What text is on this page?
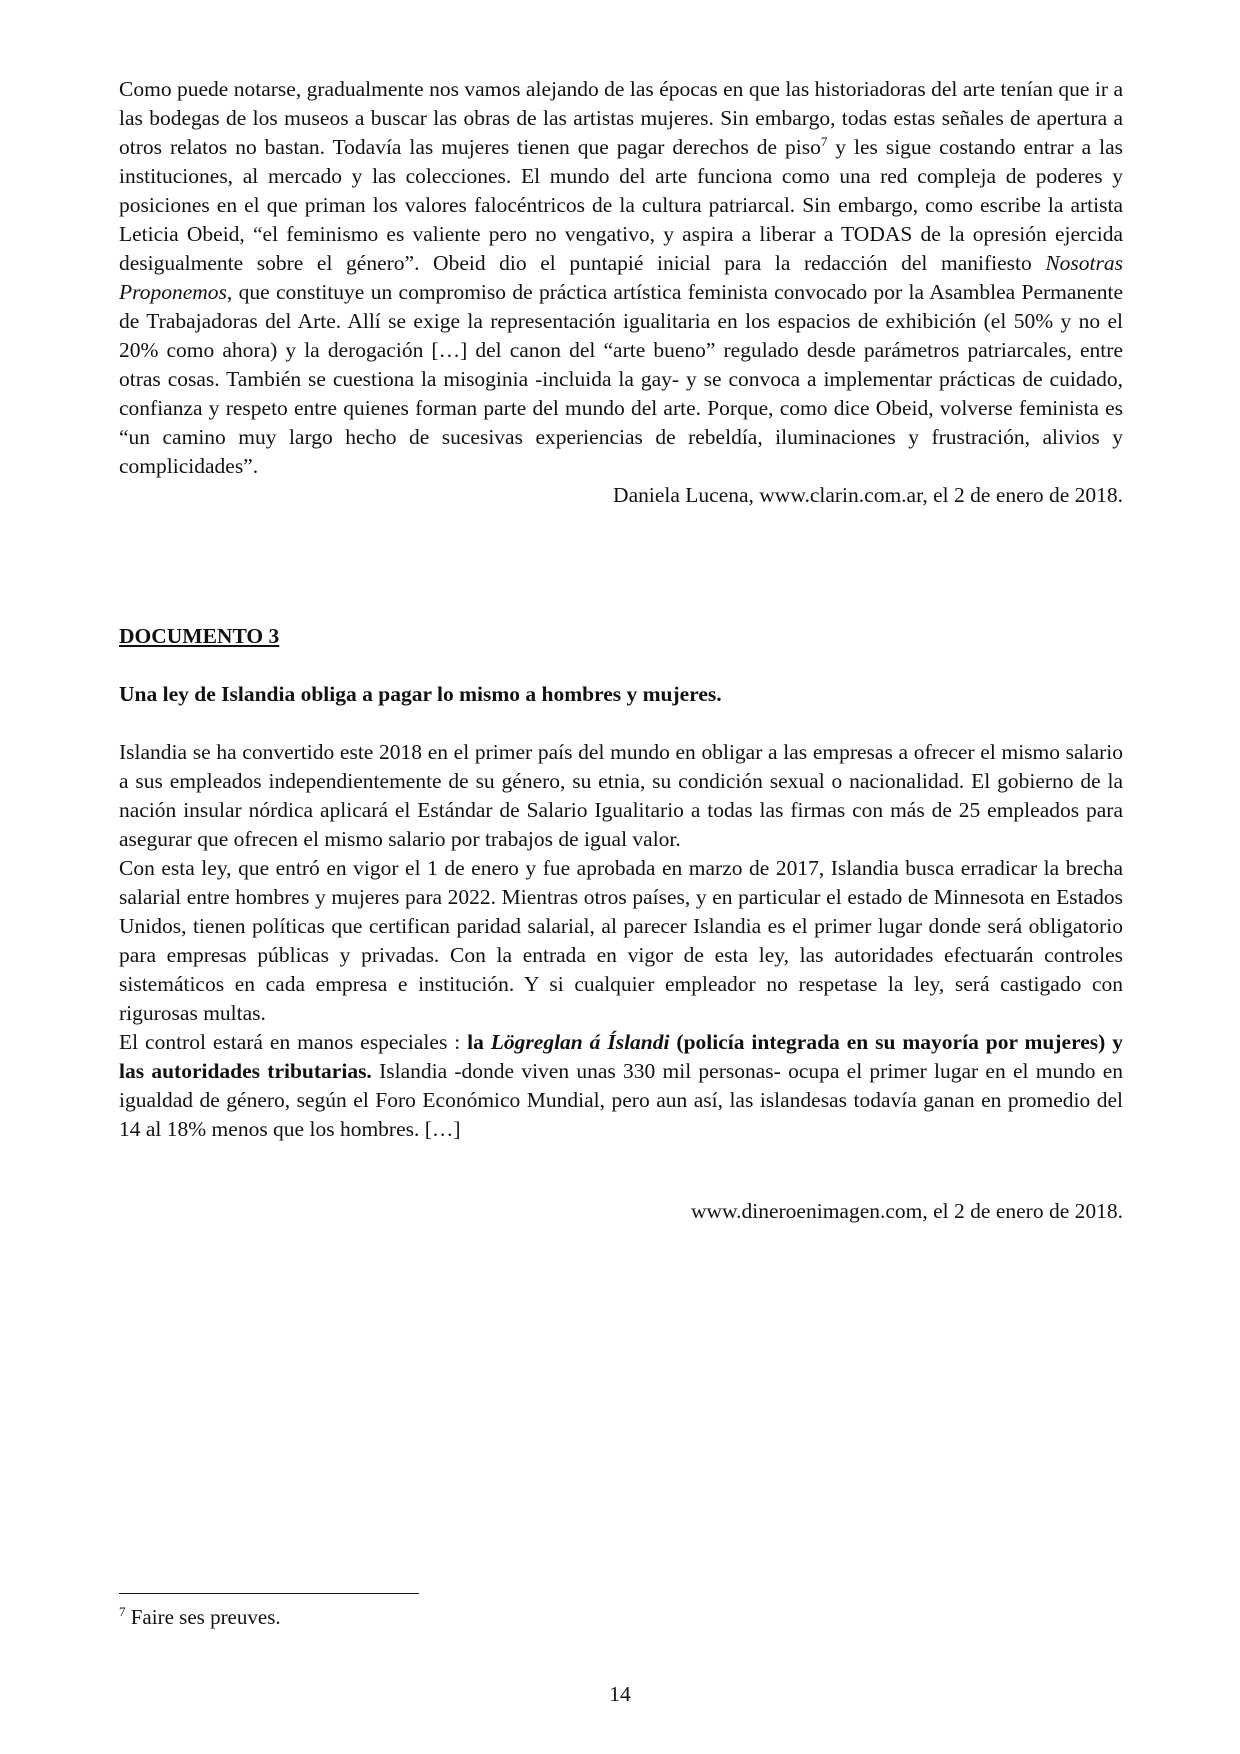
Como puede notarse, gradualmente nos vamos alejando de las épocas en que las historiadoras del arte tenían que ir a las bodegas de los museos a buscar las obras de las artistas mujeres. Sin embargo, todas estas señales de apertura a otros relatos no bastan. Todavía las mujeres tienen que pagar derechos de piso$^7$ y les sigue costando entrar a las instituciones, al mercado y las colecciones. El mundo del arte funciona como una red compleja de poderes y posiciones en el que priman los valores falocéntricos de la cultura patriarcal. Sin embargo, como escribe la artista Leticia Obeid, “el feminismo es valiente pero no vengativo, y aspira a liberar a TODAS de la opresión ejercida desigualmente sobre el género”. Obeid dio el puntapié inicial para la redacción del manifiesto Nosotras Proponemos, que constituye un compromiso de práctica artística feminista convocado por la Asamblea Permanente de Trabajadoras del Arte. Allí se exige la representación igualitaria en los espacios de exhibición (el 50% y no el 20% como ahora) y la derogación […] del canon del “arte bueno” regulado desde parámetros patriarcales, entre otras cosas. También se cuestiona la misoginia -incluida la gay- y se convoca a implementar prácticas de cuidado, confianza y respeto entre quienes forman parte del mundo del arte. Porque, como dice Obeid, volverse feminista es “un camino muy largo hecho de sucesivas experiencias de rebeldía, iluminaciones y frustración, alivios y complicidades”.

Daniela Lucena, www.clarin.com.ar, el 2 de enero de 2018.

DOCUMENTO 3

Una ley de Islandia obliga a pagar lo mismo a hombres y mujeres.

Islandia se ha convertido este 2018 en el primer país del mundo en obligar a las empresas a ofrecer el mismo salario a sus empleados independientemente de su género, su etnia, su condición sexual o nacionalidad. El gobierno de la nación insular nórdica aplicará el Estándar de Salario Igualitario a todas las firmas con más de 25 empleados para asegurar que ofrecen el mismo salario por trabajos de igual valor.

Con esta ley, que entró en vigor el 1 de enero y fue aprobada en marzo de 2017, Islandia busca erradicar la brecha salarial entre hombres y mujeres para 2022. Mientras otros países, y en particular el estado de Minnesota en Estados Unidos, tienen políticas que certifican paridad salarial, al parecer Islandia es el primer lugar donde será obligatorio para empresas públicas y privadas. Con la entrada en vigor de esta ley, las autoridades efectuarán controles sistemáticos en cada empresa e institución. Y si cualquier empleador no respetase la ley, será castigado con rigurosas multas.

El control estará en manos especiales : la Lögreglan á Íslandi (policía integrada en su mayoría por mujeres) y las autoridades tributarias. Islandia -donde viven unas 330 mil personas- ocupa el primer lugar en el mundo en igualdad de género, según el Foro Económico Mundial, pero aun así, las islandesas todavía ganan en promedio del 14 al 18% menos que los hombres. […]

www.dineroenimagen.com, el 2 de enero de 2018.

$^7$ Faire ses preuves.
14
